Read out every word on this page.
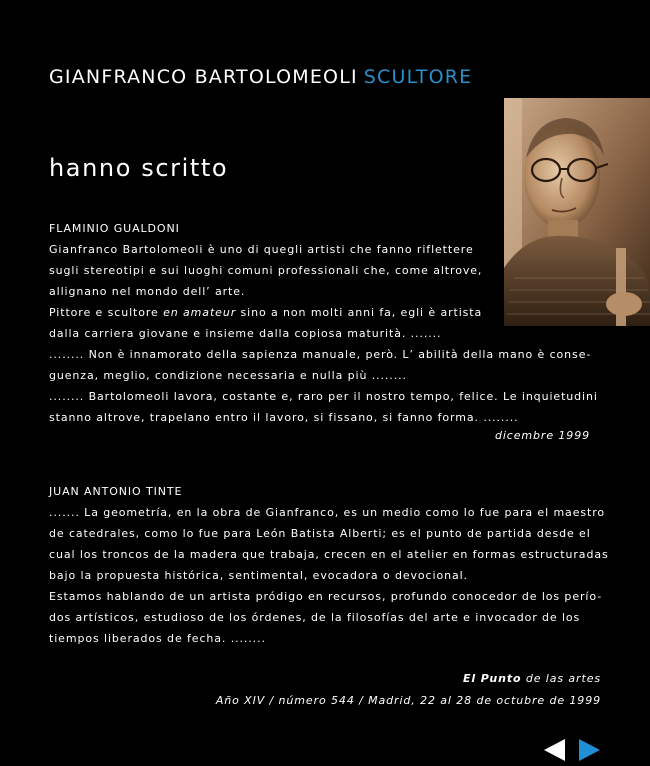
GIANFRANCO BARTOLOMEOLI SCULTORE
hanno scritto

FLAMINIO GUALDONI

Gianfranco Bartolomeoli è uno di quegli artisti che fanno riflettere

sugli stereotipi e sui luoghi comuni professionali che, come altrove,

allignano nel mondo dell’ arte.

Pittore e scultore en amateur sino a non molti anni fa, egli è artista

dalla carriera giovane e insieme dalla copiosa maturità. .......

........ Non è innamorato della sapienza manuale, però. L’ abilità della mano è conse-

guenza, meglio, condizione necessaria e nulla più ........

........ Bartolomeoli lavora, costante e, raro per il nostro tempo, felice. Le inquietudini

stanno altrove, trapelano entro il lavoro, si fissano, si fanno forma. ........

dicembre 1999

JUAN ANTONIO TINTE

....... La geometría, en la obra de Gianfranco, es un medio como lo fue para el maestro

de catedrales, como lo fue para León Batista Alberti; es el punto de partida desde el

cual los troncos de la madera que trabaja, crecen en el atelier en formas estructuradas

bajo la propuesta histórica, sentimental, evocadora o devocional.

Estamos hablando de un artista pródigo en recursos, profundo conocedor de los perío-

dos artísticos, estudioso de los órdenes, de la filosofías del arte e invocador de los

tiempos liberados de fecha. ........

El Punto de las artes
Año XIV / número 544 / Madrid, 22 al 28 de octubre de 1999
